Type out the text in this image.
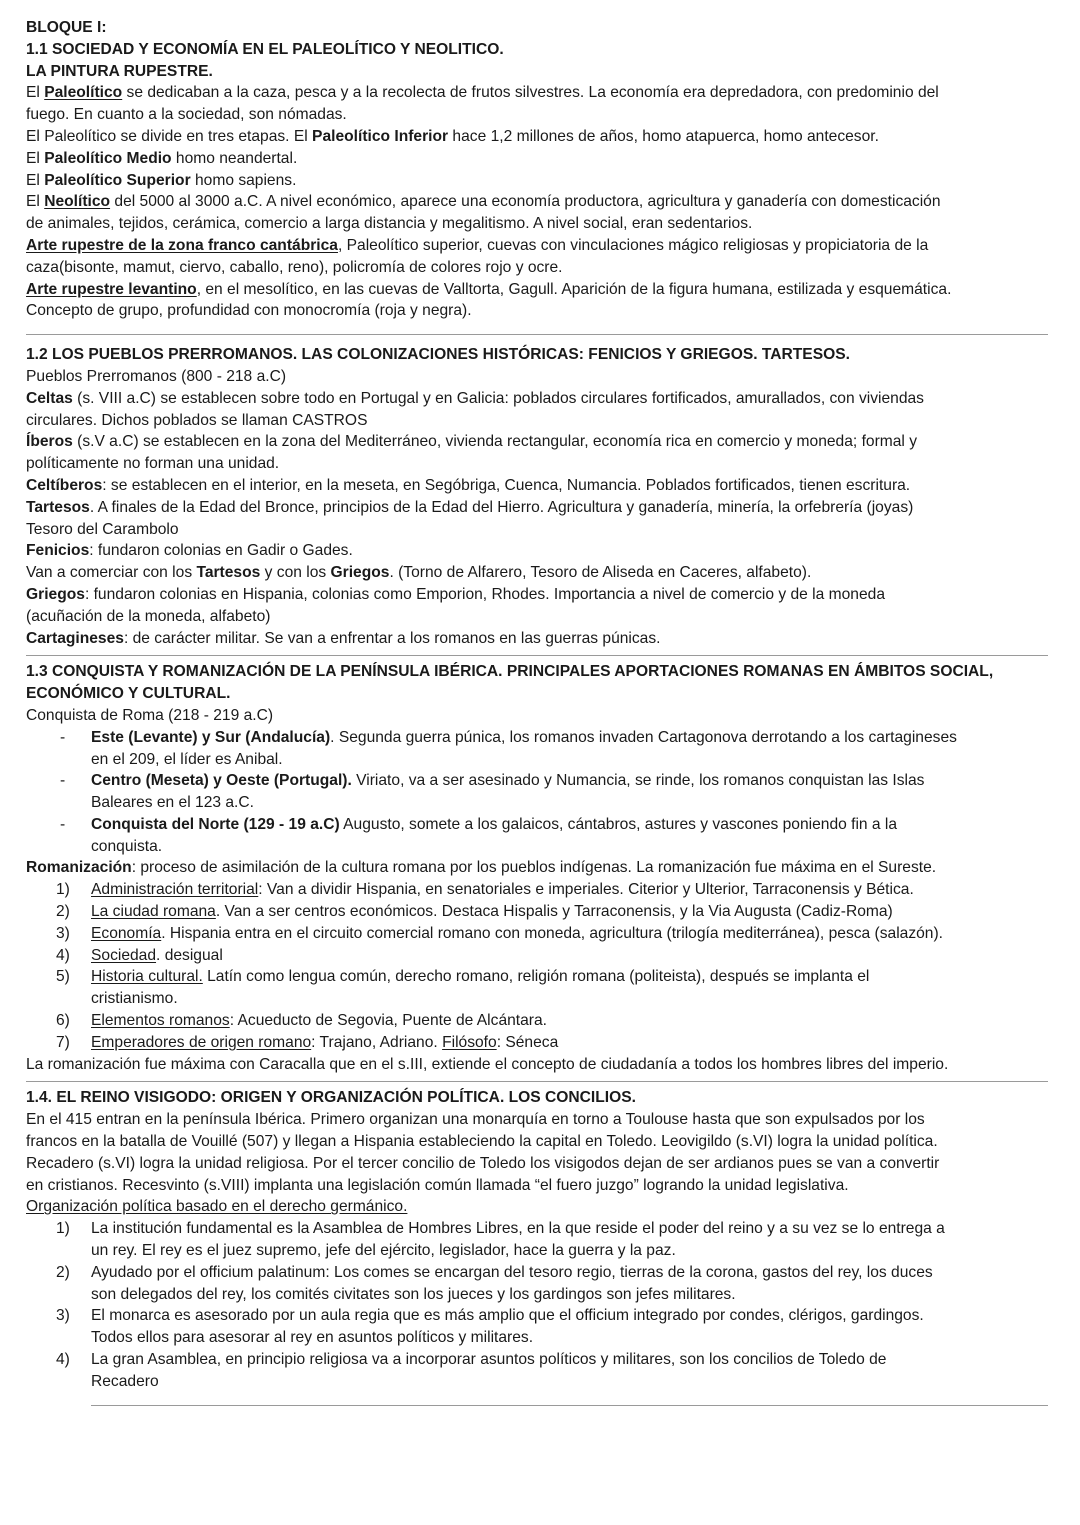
BLOQUE I:
1.1 SOCIEDAD Y ECONOMÍA EN EL PALEOLÍTICO Y NEOLITICO.
LA PINTURA RUPESTRE.
El Paleolítico se dedicaban a la caza, pesca y a la recolecta de frutos silvestres. La economía era depredadora, con predominio del
fuego. En cuanto a la sociedad, son nómadas.
El Paleolítico se divide en tres etapas. El Paleolítico Inferior hace 1,2 millones de años, homo atapuerca, homo antecesor.
El Paleolítico Medio homo neandertal.
El Paleolítico Superior homo sapiens.
El Neolítico del 5000 al 3000 a.C. A nivel económico, aparece una economía productora, agricultura y ganadería con domesticación
de animales, tejidos, cerámica, comercio a larga distancia y megalitismo. A nivel social, eran sedentarios.
Arte rupestre de la zona franco cantábrica, Paleolítico superior, cuevas con vinculaciones mágico religiosas y propiciatoria de la
caza(bisonte, mamut, ciervo, caballo, reno), policromía de colores rojo y ocre.
Arte rupestre levantino, en el mesolítico, en las cuevas de Valltorta, Gagull. Aparición de la figura humana, estilizada y esquemática.
Concepto de grupo, profundidad con monocromía (roja y negra).
1.2 LOS PUEBLOS PRERROMANOS. LAS COLONIZACIONES HISTÓRICAS: FENICIOS Y GRIEGOS. TARTESOS.
Pueblos Prerromanos (800 - 218 a.C)
Celtas (s. VIII a.C) se establecen sobre todo en Portugal y en Galicia: poblados circulares fortificados, amurallados, con viviendas
circulares. Dichos poblados se llaman CASTROS
Íberos (s.V a.C) se establecen en la zona del Mediterráneo, vivienda rectangular, economía rica en comercio y moneda; formal y
políticamente no forman una unidad.
Celtíberos: se establecen en el interior, en la meseta, en Segóbriga, Cuenca, Numancia. Poblados fortificados, tienen escritura.
Tartesos. A finales de la Edad del Bronce, principios de la Edad del Hierro. Agricultura y ganadería, minería, la orfebrería (joyas)
Tesoro del Carambolo
Fenicios: fundaron colonias en Gadir o Gades.
Van a comerciar con los Tartesos y con los Griegos. (Torno de Alfarero, Tesoro de Aliseda en Caceres, alfabeto).
Griegos: fundaron colonias en Hispania, colonias como Emporion, Rhodes. Importancia a nivel de comercio y de la moneda
(acuñación de la moneda, alfabeto)
Cartagineses: de carácter militar. Se van a enfrentar a los romanos en las guerras púnicas.
1.3 CONQUISTA Y ROMANIZACIÓN DE LA PENÍNSULA IBÉRICA. PRINCIPALES APORTACIONES ROMANAS EN ÁMBITOS SOCIAL,
ECONÓMICO Y CULTURAL.
Conquista de Roma (218 - 219 a.C)
- Este (Levante) y Sur (Andalucía). Segunda guerra púnica, los romanos invaden Cartagonova derrotando a los cartagineses
en el 209, el líder es Anibal.
- Centro (Meseta) y Oeste (Portugal). Viriato, va a ser asesinado y Numancia, se rinde, los romanos conquistan las Islas
Baleares en el 123 a.C.
- Conquista del Norte (129 - 19 a.C) Augusto, somete a los galaicos, cántabros, astures y vascones poniendo fin a la
conquista.
Romanización: proceso de asimilación de la cultura romana por los pueblos indígenas. La romanización fue máxima en el Sureste.
1) Administración territorial: Van a dividir Hispania, en senatoriales e imperiales. Citerior y Ulterior, Tarraconensis y Bética.
2) La ciudad romana. Van a ser centros económicos. Destaca Hispalis y Tarraconensis, y la Via Augusta (Cadiz-Roma)
3) Economía. Hispania entra en el circuito comercial romano con moneda, agricultura (trilogía mediterránea), pesca (salazón).
4) Sociedad. desigual
5) Historia cultural. Latín como lengua común, derecho romano, religión romana (politeista), después se implanta el
cristianismo.
6) Elementos romanos: Acueducto de Segovia, Puente de Alcántara.
7) Emperadores de origen romano: Trajano, Adriano. Filósofo: Séneca
La romanización fue máxima con Caracalla que en el s.III, extiende el concepto de ciudadanía a todos los hombres libres del imperio.
1.4. EL REINO VISIGODO: ORIGEN Y ORGANIZACIÓN POLÍTICA. LOS CONCILIOS.
En el 415 entran en la península Ibérica. Primero organizan una monarquía en torno a Toulouse hasta que son expulsados por los
francos en la batalla de Vouillé (507) y llegan a Hispania estableciendo la capital en Toledo. Leovigildo (s.VI) logra la unidad política.
Recadero (s.VI) logra la unidad religiosa. Por el tercer concilio de Toledo los visigodos dejan de ser ardianos pues se van a convertir
en cristianos. Recesvinto (s.VIII) implanta una legislación común llamada “el fuero juzgo” logrando la unidad legislativa.
Organización política basado en el derecho germánico.
1) La institución fundamental es la Asamblea de Hombres Libres, en la que reside el poder del reino y a su vez se lo entrega a
un rey. El rey es el juez supremo, jefe del ejército, legislador, hace la guerra y la paz.
2) Ayudado por el officium palatinum: Los comes se encargan del tesoro regio, tierras de la corona, gastos del rey, los duces
son delegados del rey, los comités civitates son los jueces y los gardingos son jefes militares.
3) El monarca es asesorado por un aula regia que es más amplio que el officium integrado por condes, clérigos, gardingos.
Todos ellos para asesorar al rey en asuntos políticos y militares.
4) La gran Asamblea, en principio religiosa va a incorporar asuntos políticos y militares, son los concilios de Toledo de
Recadero
